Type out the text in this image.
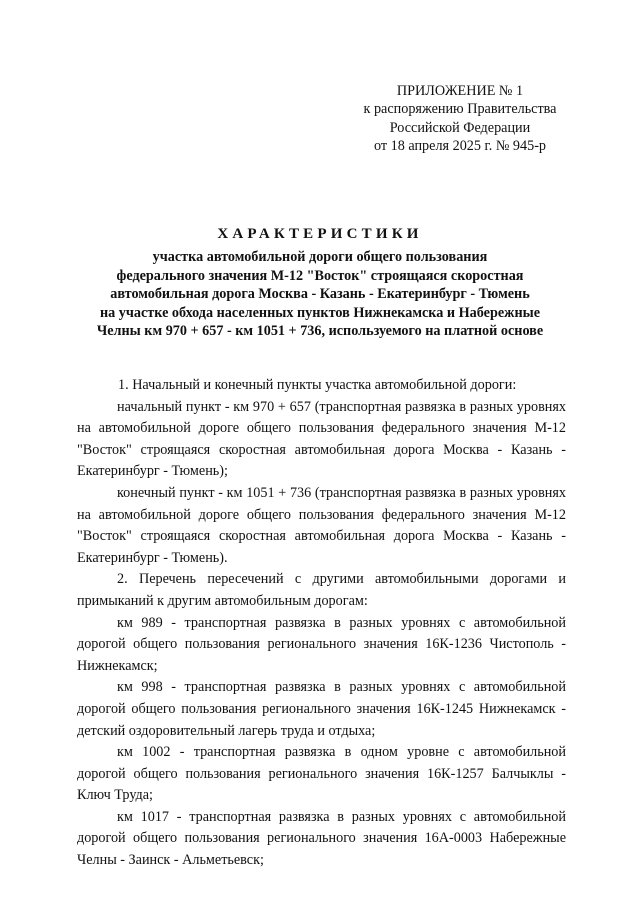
ПРИЛОЖЕНИЕ № 1
к распоряжению Правительства
Российской Федерации
от 18 апреля 2025 г. № 945-р
ХАРАКТЕРИСТИКИ
участка автомобильной дороги общего пользования
федерального значения М-12 "Восток" строящаяся скоростная
автомобильная дорога Москва - Казань - Екатеринбург - Тюмень
на участке обхода населенных пунктов Нижнекамска и Набережные
Челны км 970 + 657 - км 1051 + 736, используемого на платной основе

1. Начальный и конечный пункты участка автомобильной дороги:

начальный пункт - км 970 + 657 (транспортная развязка в разных уровнях на автомобильной дороге общего пользования федерального значения М-12 "Восток" строящаяся скоростная автомобильная дорога Москва - Казань - Екатеринбург - Тюмень);

конечный пункт - км 1051 + 736 (транспортная развязка в разных уровнях на автомобильной дороге общего пользования федерального значения М-12 "Восток" строящаяся скоростная автомобильная дорога Москва - Казань - Екатеринбург - Тюмень).

2. Перечень пересечений с другими автомобильными дорогами и примыканий к другим автомобильным дорогам:

км 989 - транспортная развязка в разных уровнях с автомобильной дорогой общего пользования регионального значения 16К-1236 Чистополь - Нижнекамск;

км 998 - транспортная развязка в разных уровнях с автомобильной дорогой общего пользования регионального значения 16К-1245 Нижнекамск - детский оздоровительный лагерь труда и отдыха;

км 1002 - транспортная развязка в одном уровне с автомобильной дорогой общего пользования регионального значения 16К-1257 Балчыклы - Ключ Труда;

км 1017 - транспортная развязка в разных уровнях с автомобильной дорогой общего пользования регионального значения 16А-0003 Набережные Челны - Заинск - Альметьевск;
